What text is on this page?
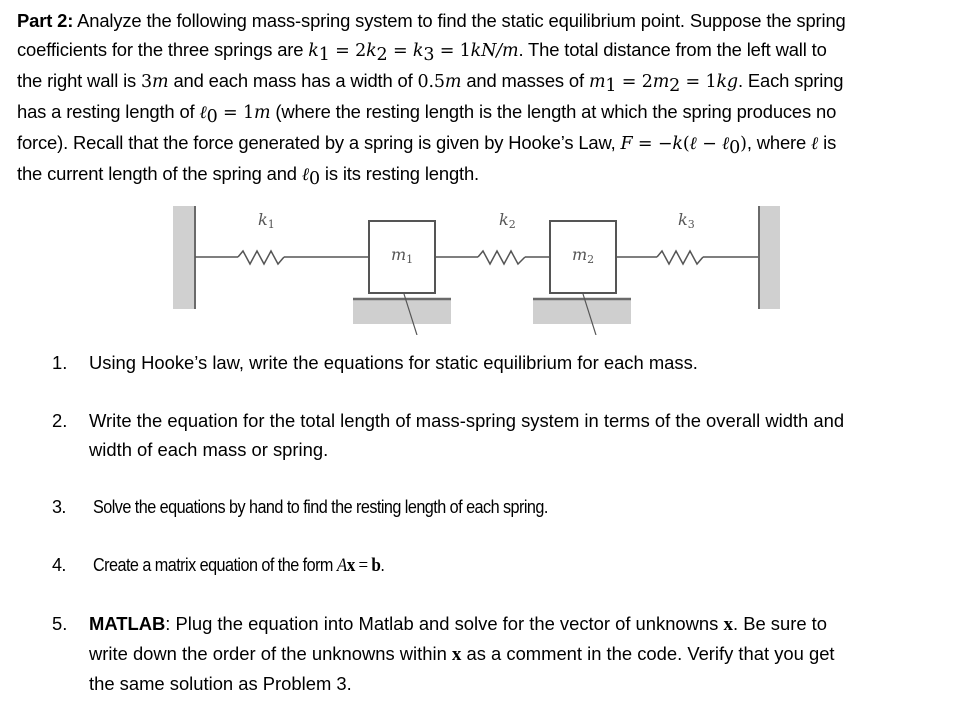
Part 2: Analyze the following mass-spring system to find the static equilibrium point. Suppose the spring
coefficients for the three springs are $k_1 = 2k_2 = k_3 = 1kN/m$. The total distance from the left wall to
the right wall is 3m and each mass has a width of 0.5m and masses of $m_1 = 2m_2 = 1kg$. Each spring
has a resting length of ℓ$_0$ = 1m (where the resting length is the length at which the spring produces no
force). Recall that the force generated by a spring is given by Hooke’s Law, F = −k(ℓ − ℓ$_0$), where ℓ is
the current length of the spring and ℓ$_0$ is its resting length.
$k_1$	$k_2$	$k_3$
$m_1$	$m_2$
1. Using Hooke’s law, write the equations for static equilibrium for each mass.
2. Write the equation for the total length of mass-spring system in terms of the overall width and
width of each mass or spring.
3. Solve the equations by hand to find the resting length of each spring.
4. Create a matrix equation of the form Ax = b.
5. MATLAB: Plug the equation into Matlab and solve for the vector of unknowns x. Be sure to
write down the order of the unknowns within x as a comment in the code. Verify that you get
the same solution as Problem 3.
